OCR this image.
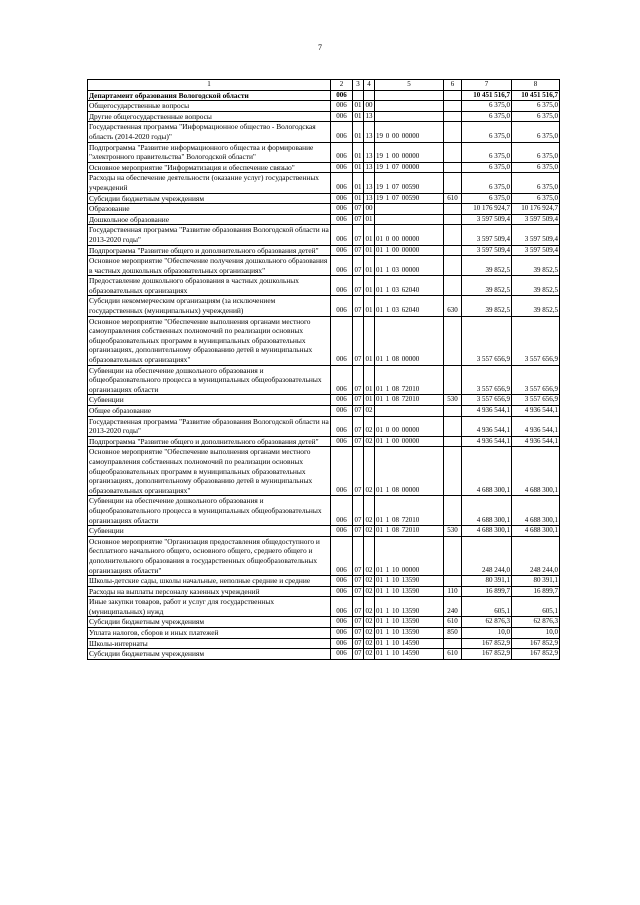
7
1	2	3	4	5	6	7	8
Департамент образования Вологодской области	006					10 451 516,7	10 451 516,7
Общегосударственные вопросы	006	01	00			6 375,0	6 375,0
Другие общегосударственные вопросы	006	01	13			6 375,0	6 375,0
Государственная программа "Информационное общество - Вологодская область (2014-2020 годы)"	006	01	13	19 0 00 00000		6 375,0	6 375,0
Подпрограмма "Развитие информационного общества и формирование "электронного правительства" Вологодской области"	006	01	13	19 1 00 00000		6 375,0	6 375,0
Основное мероприятие "Информатизация и обеспечение связью"	006	01	13	19 1 07 00000		6 375,0	6 375,0
Расходы на обеспечение деятельности (оказание услуг) государственных учреждений	006	01	13	19 1 07 00590		6 375,0	6 375,0
Субсидии бюджетным учреждениям	006	01	13	19 1 07 00590	610	6 375,0	6 375,0
Образование	006	07	00			10 176 924,7	10 176 924,7
Дошкольное образование	006	07	01			3 597 509,4	3 597 509,4
Государственная программа "Развитие образования Вологодской области на 2013-2020 годы"	006	07	01	01 0 00 00000		3 597 509,4	3 597 509,4
Подпрограмма "Развитие общего и дополнительного образования детей"	006	07	01	01 1 00 00000		3 597 509,4	3 597 509,4
Основное мероприятие "Обеспечение получения дошкольного образования в частных дошкольных образовательных организациях"	006	07	01	01 1 03 00000		39 852,5	39 852,5
Предоставление дошкольного образования в частных дошкольных образовательных организациях	006	07	01	01 1 03 62040		39 852,5	39 852,5
Субсидии некоммерческим организациям (за исключением государственных (муниципальных) учреждений)	006	07	01	01 1 03 62040	630	39 852,5	39 852,5
Основное мероприятие "Обеспечение выполнения органами местного самоуправления собственных полномочий по реализации основных общеобразовательных программ в муниципальных образовательных организациях, дополнительному образованию детей в муниципальных образовательных организациях"	006	07	01	01 1 08 00000		3 557 656,9	3 557 656,9
Субвенции на обеспечение дошкольного образования и общеобразовательного процесса в муниципальных общеобразовательных организациях области	006	07	01	01 1 08 72010		3 557 656,9	3 557 656,9
Субвенции	006	07	01	01 1 08 72010	530	3 557 656,9	3 557 656,9
Общее образование	006	07	02			4 936 544,1	4 936 544,1
Государственная программа "Развитие образования Вологодской области на 2013-2020 годы"	006	07	02	01 0 00 00000		4 936 544,1	4 936 544,1
Подпрограмма "Развитие общего и дополнительного образования детей"	006	07	02	01 1 00 00000		4 936 544,1	4 936 544,1
Основное мероприятие "Обеспечение выполнения органами местного самоуправления собственных полномочий по реализации основных общеобразовательных программ в муниципальных образовательных организациях, дополнительному образованию детей в муниципальных образовательных организациях"	006	07	02	01 1 08 00000		4 688 300,1	4 688 300,1
Субвенции на обеспечение дошкольного образования и общеобразовательного процесса в муниципальных общеобразовательных организациях области	006	07	02	01 1 08 72010		4 688 300,1	4 688 300,1
Субвенции	006	07	02	01 1 08 72010	530	4 688 300,1	4 688 300,1
Основное мероприятие "Организация предоставления общедоступного и бесплатного начального общего, основного общего, среднего общего и дополнительного образования в государственных общеобразовательных организациях области"	006	07	02	01 1 10 00000		248 244,0	248 244,0
Школы-детские сады, школы начальные, неполные средние и средние	006	07	02	01 1 10 13590		80 391,1	80 391,1
Расходы на выплаты персоналу казенных учреждений	006	07	02	01 1 10 13590	110	16 899,7	16 899,7
Иные закупки товаров, работ и услуг для государственных (муниципальных) нужд	006	07	02	01 1 10 13590	240	605,1	605,1
Субсидии бюджетным учреждениям	006	07	02	01 1 10 13590	610	62 876,3	62 876,3
Уплата налогов, сборов и иных платежей	006	07	02	01 1 10 13590	850	10,0	10,0
Школы-интернаты	006	07	02	01 1 10 14590		167 852,9	167 852,9
Субсидии бюджетным учреждениям	006	07	02	01 1 10 14590	610	167 852,9	167 852,9
